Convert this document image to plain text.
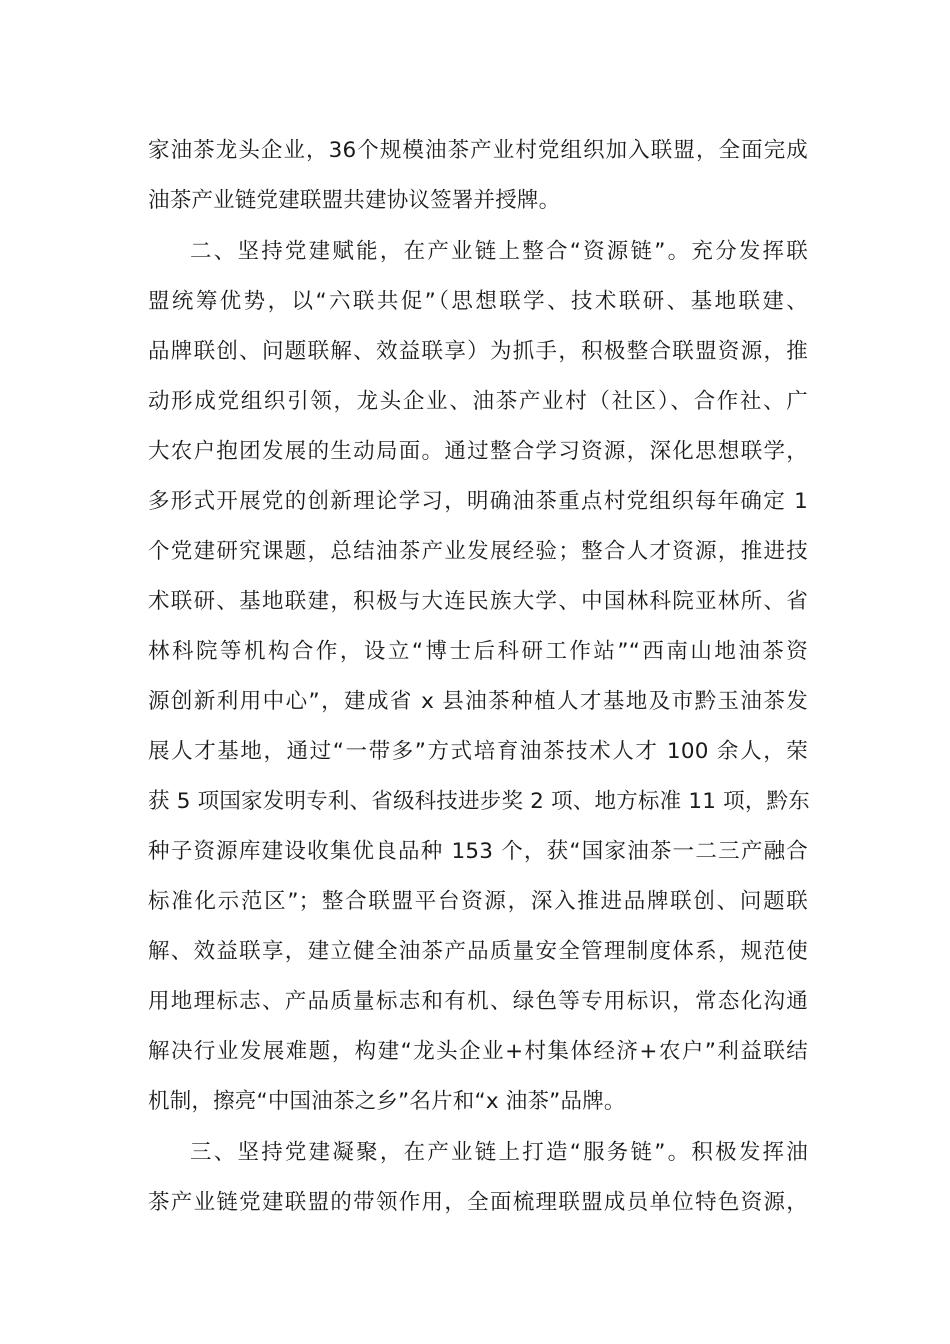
家油茶龙头企业，36个规模油茶产业村党组织加入联盟，全面完成
油茶产业链党建联盟共建协议签署并授牌。
二、坚持党建赋能，在产业链上整合“资源链”。充分发挥联
盟统筹优势，以“六联共促”（思想联学、技术联研、基地联建、
品牌联创、问题联解、效益联享）为抓手，积极整合联盟资源，推
动形成党组织引领，龙头企业、油茶产业村（社区）、合作社、广
大农户抱团发展的生动局面。通过整合学习资源，深化思想联学，
多形式开展党的创新理论学习，明确油茶重点村党组织每年确定 1
个党建研究课题，总结油茶产业发展经验；整合人才资源，推进技
术联研、基地联建，积极与大连民族大学、中国林科院亚林所、省
林科院等机构合作，设立“博士后科研工作站”“西南山地油茶资
源创新利用中心”，建成省 x 县油茶种植人才基地及市黔玉油茶发
展人才基地，通过“一带多”方式培育油茶技术人才 100 余人，荣
获 5 项国家发明专利、省级科技进步奖 2 项、地方标准 11 项，黔东
种子资源库建设收集优良品种 153 个，获“国家油茶一二三产融合
标准化示范区”；整合联盟平台资源，深入推进品牌联创、问题联
解、效益联享，建立健全油茶产品质量安全管理制度体系，规范使
用地理标志、产品质量标志和有机、绿色等专用标识，常态化沟通
解决行业发展难题，构建“龙头企业+村集体经济+农户”利益联结
机制，擦亮“中国油茶之乡”名片和“x 油茶”品牌。
三、坚持党建凝聚，在产业链上打造“服务链”。积极发挥油
茶产业链党建联盟的带领作用，全面梳理联盟成员单位特色资源，
